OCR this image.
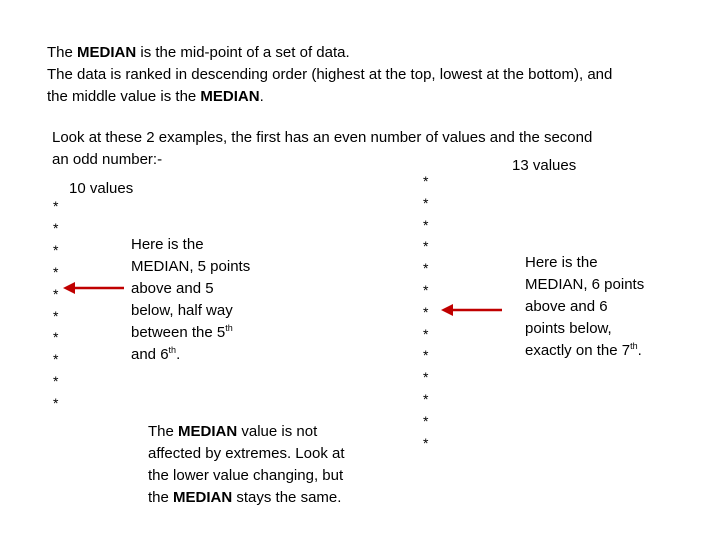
The MEDIAN is the mid-point of a set of data.
The data is ranked in descending order (highest at the top, lowest at the bottom), and
the middle value is the MEDIAN.
Look at these 2 examples, the first has an even number of values and the second
an odd number:-
10 values
*
*
*
*
*
*
*
*
*
*
Here is the
MEDIAN, 5 points
above and 5
below, half way
between the 5th
and 6th.
The MEDIAN value is not
affected by extremes. Look at
the lower value changing, but
the MEDIAN stays the same.
13 values
*
*
*
*
*
*
*
*
*
*
*
*
*
Here is the
MEDIAN, 6 points
above and 6
points below,
exactly on the 7th.
